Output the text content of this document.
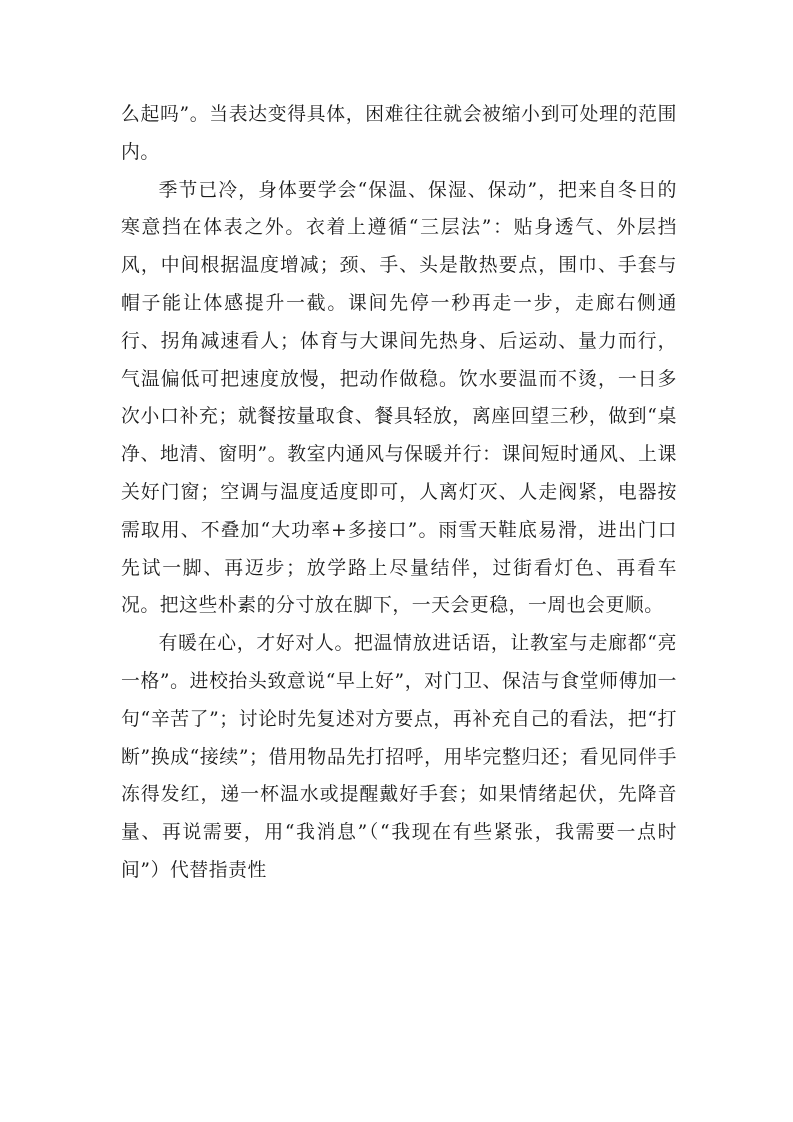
么起吗”。当表达变得具体，困难往往就会被缩小到可处理的范围内。

季节已冷，身体要学会“保温、保湿、保动”，把来自冬日的寒意挡在体表之外。衣着上遵循“三层法”：贴身透气、外层挡风，中间根据温度增减；颈、手、头是散热要点，围巾、手套与帽子能让体感提升一截。课间先停一秒再走一步，走廊右侧通行、拐角减速看人；体育与大课间先热身、后运动、量力而行，气温偏低可把速度放慢，把动作做稳。饮水要温而不烫，一日多次小口补充；就餐按量取食、餐具轻放，离座回望三秒，做到“桌净、地清、窗明”。教室内通风与保暖并行：课间短时通风、上课关好门窗；空调与温度适度即可，人离灯灭、人走阀紧，电器按需取用、不叠加“大功率+多接口”。雨雪天鞋底易滑，进出门口先试一脚、再迈步；放学路上尽量结伴，过街看灯色、再看车况。把这些朴素的分寸放在脚下，一天会更稳，一周也会更顺。

有暖在心，才好对人。把温情放进话语，让教室与走廊都“亮一格”。进校抬头致意说“早上好”，对门卫、保洁与食堂师傅加一句“辛苦了”；讨论时先复述对方要点，再补充自己的看法，把“打断”换成“接续”；借用物品先打招呼，用毕完整归还；看见同伴手冻得发红，递一杯温水或提醒戴好手套；如果情绪起伏，先降音量、再说需要，用“我消息”（“我现在有些紧张，我需要一点时间”）代替指责性
